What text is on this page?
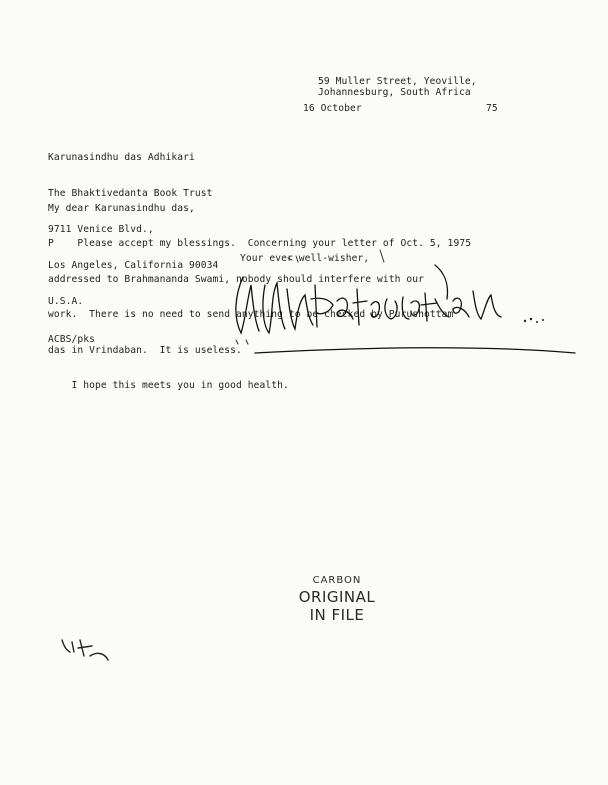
59 Muller Street, Yeoville,
Johannesburg, South Africa
16 October	75

Karunasindhu das Adhikari

The Bhaktivedanta Book Trust

9711 Venice Blvd.,

Los Angeles, California 90034

U.S.A.

My dear Karunasindhu das,

P    Please accept my blessings.  Concerning your letter of Oct. 5, 1975

addressed to Brahmananda Swami, nobody should interfere with our

work.  There is no need to send anything to be checked by Purushottam

das in Vrindaban.  It is useless.

I hope this meets you in good health.

Your ever well-wisher,
ACBS/pks
CARBON
ORIGINAL
IN FILE
